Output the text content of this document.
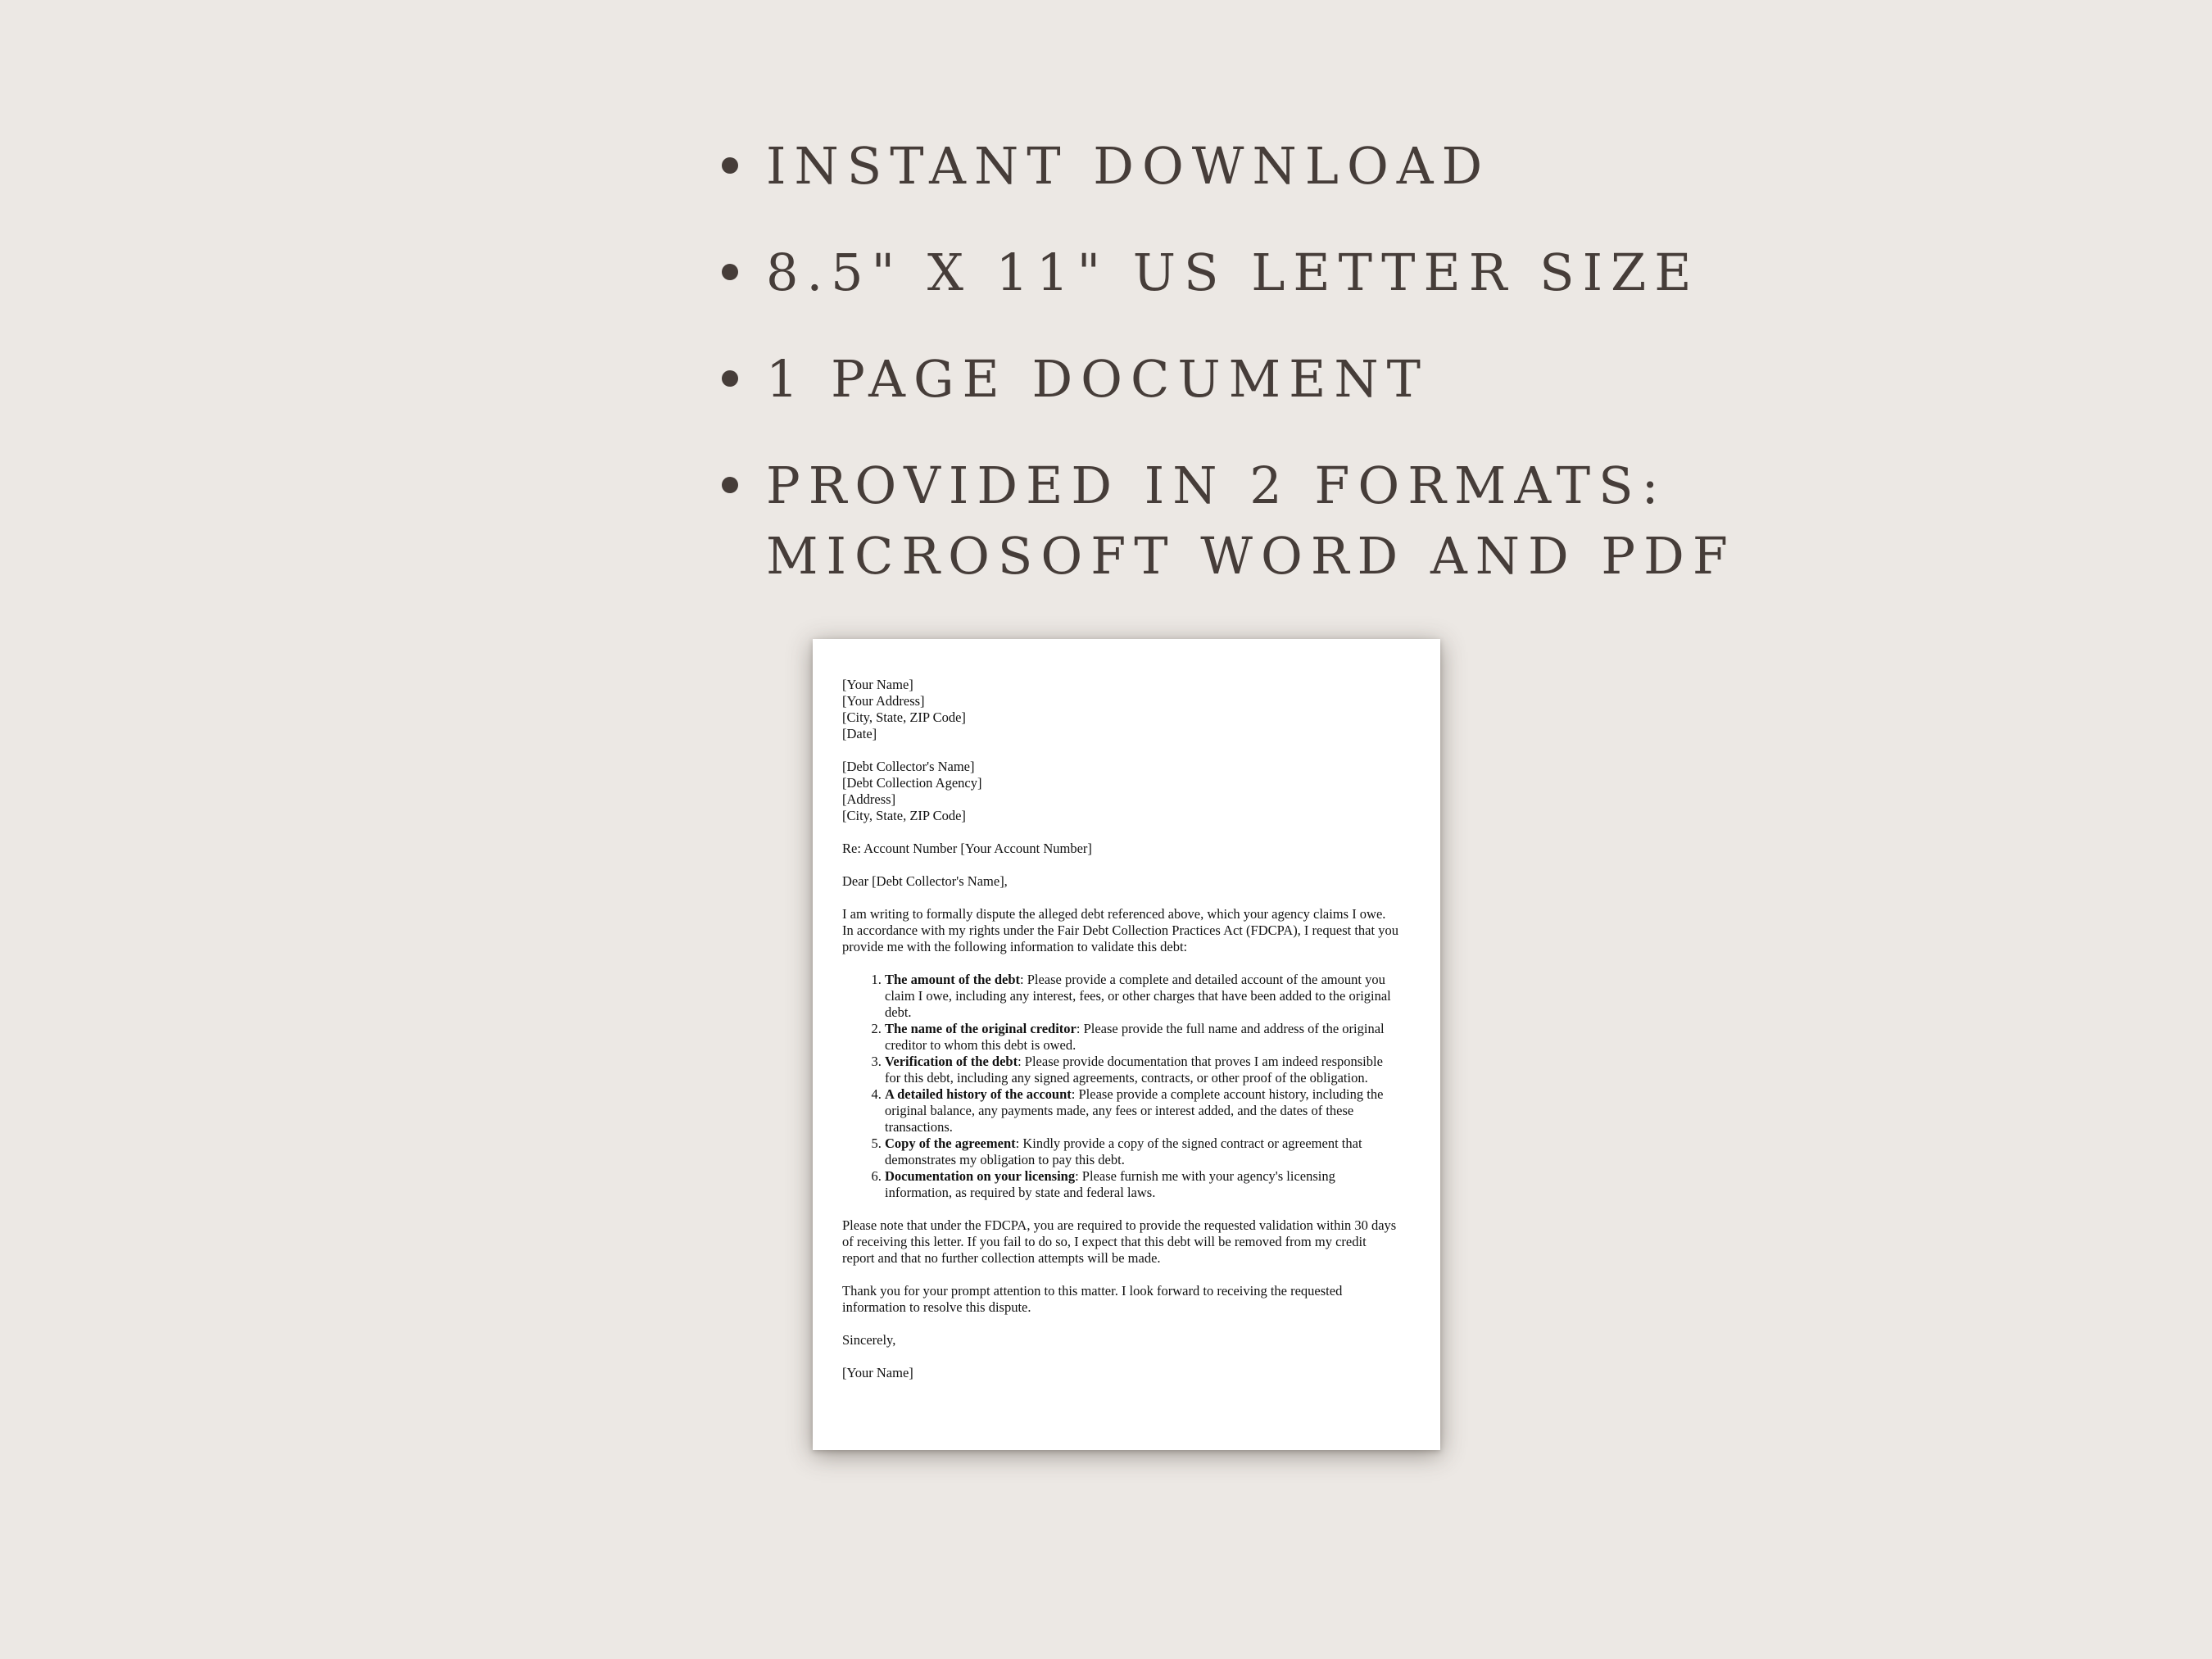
INSTANT DOWNLOAD
8.5" X 11" US LETTER SIZE
1 PAGE DOCUMENT
PROVIDED IN 2 FORMATS:
MICROSOFT WORD AND PDF

[Your Name]
[Your Address]
[City, State, ZIP Code]
[Date]

[Debt Collector's Name]
[Debt Collection Agency]
[Address]
[City, State, ZIP Code]

Re: Account Number [Your Account Number]

Dear [Debt Collector's Name],

I am writing to formally dispute the alleged debt referenced above, which your agency claims I owe. In accordance with my rights under the Fair Debt Collection Practices Act (FDCPA), I request that you provide me with the following information to validate this debt:

1. The amount of the debt: Please provide a complete and detailed account of the amount you claim I owe, including any interest, fees, or other charges that have been added to the original debt.
2. The name of the original creditor: Please provide the full name and address of the original creditor to whom this debt is owed.
3. Verification of the debt: Please provide documentation that proves I am indeed responsible for this debt, including any signed agreements, contracts, or other proof of the obligation.
4. A detailed history of the account: Please provide a complete account history, including the original balance, any payments made, any fees or interest added, and the dates of these transactions.
5. Copy of the agreement: Kindly provide a copy of the signed contract or agreement that demonstrates my obligation to pay this debt.
6. Documentation on your licensing: Please furnish me with your agency's licensing information, as required by state and federal laws.

Please note that under the FDCPA, you are required to provide the requested validation within 30 days of receiving this letter. If you fail to do so, I expect that this debt will be removed from my credit report and that no further collection attempts will be made.

Thank you for your prompt attention to this matter. I look forward to receiving the requested information to resolve this dispute.

Sincerely,

[Your Name]
